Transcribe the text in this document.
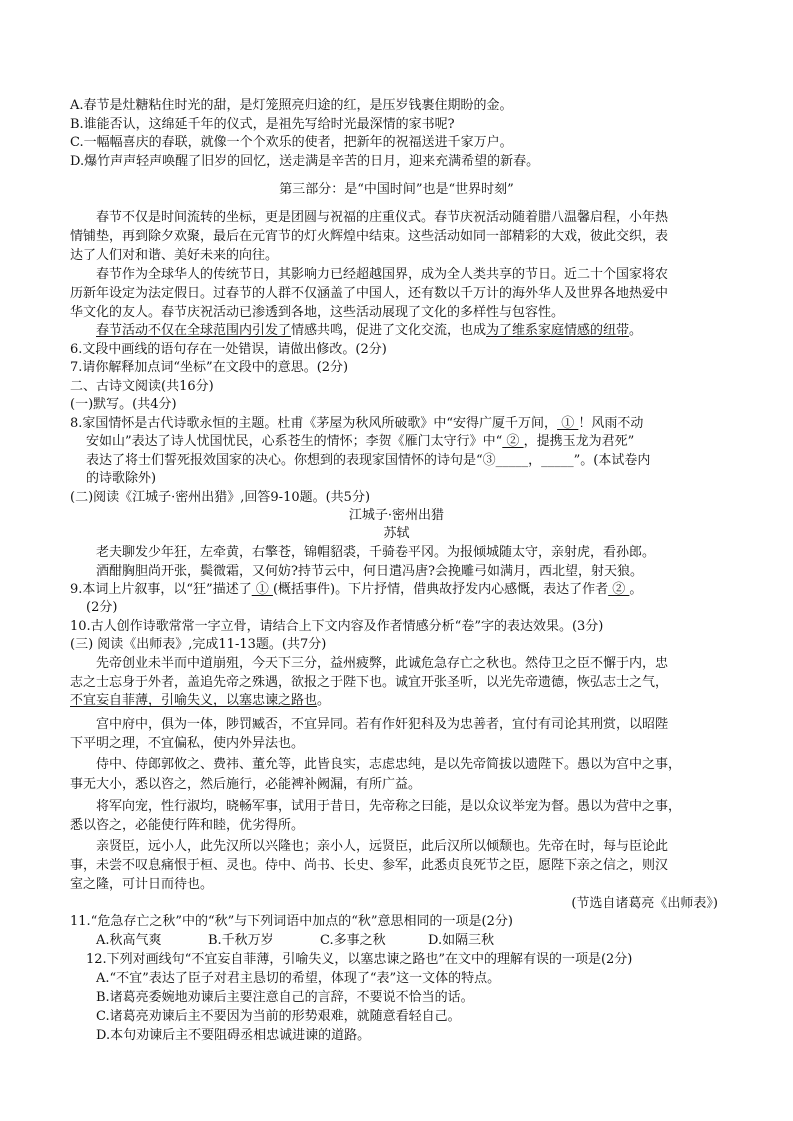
A.春节是灶糖粘住时光的甜，是灯笼照亮归途的红，是压岁钱裹住期盼的金。
B.谁能否认，这绵延千年的仪式，是祖先写给时光最深情的家书呢?
C.一幅幅喜庆的春联，就像一个个欢乐的使者，把新年的祝福送进千家万户。
D.爆竹声声轻声唤醒了旧岁的回忆，送走满是辛苦的日月，迎来充满希望的新春。
第三部分：是“中国时间”也是“世界时刻”
春节不仅是时间流转的坐标，更是团圆与祝福的庄重仪式。春节庆祝活动随着腊八温馨启程，小年热
情铺垫，再到除夕欢聚，最后在元宵节的灯火辉煌中结束。这些活动如同一部精彩的大戏，彼此交织，表
达了人们对和谐、美好未来的向往。
春节作为全球华人的传统节日，其影响力已经超越国界，成为全人类共享的节日。近二十个国家将农
历新年设定为法定假日。过春节的人群不仅涵盖了中国人，还有数以千万计的海外华人及世界各地热爱中
华文化的友人。春节庆祝活动已渗透到各地，这些活动展现了文化的多样性与包容性。
春节活动不仅在全球范围内引发了情感共鸣，促进了文化交流，也成为了维系家庭情感的纽带。
6.文段中画线的语句存在一处错误，请做出修改。(2分)
7.请你解释加点词“坐标”在文段中的意思。(2分)
二、古诗文阅读(共16分)
(一)默写。(共4分)
8.家国情怀是古代诗歌永恒的主题。杜甫《茅屋为秋风所破歌》中“安得广厦千万间， ① ！风雨不动
安如山”表达了诗人忧国忧民，心系苍生的情怀；李贺《雁门太守行》中“ ② ，提携玉龙为君死”
表达了将士们誓死报效国家的决心。你想到的表现家国情怀的诗句是“③_____，_____”。(本试卷内
的诗歌除外)
(二)阅读《江城子·密州出猎》,回答9-10题。(共5分)
江城子·密州出猎
苏轼
老夫聊发少年狂，左牵黄，右擎苍，锦帽貂裘，千骑卷平冈。为报倾城随太守，亲射虎，看孙郎。
酒酣胸胆尚开张，鬓微霜，又何妨?持节云中，何日遣冯唐?会挽雕弓如满月，西北望，射天狼。
9.本词上片叙事，以“狂”描述了 ① (概括事件)。下片抒情，借典故抒发内心感慨，表达了作者 ② 。
(2分)
10.古人创作诗歌常常一字立骨，请结合上下文内容及作者情感分析“卷”字的表达效果。(3分)
(三) 阅读《出师表》,完成11-13题。(共7分)
先帝创业未半而中道崩殂，今天下三分，益州疲弊，此诚危急存亡之秋也。然侍卫之臣不懈于内，忠
志之士忘身于外者，盖追先帝之殊遇，欲报之于陛下也。诚宜开张圣听，以光先帝遗德，恢弘志士之气，
不宜妄自菲薄，引喻失义，以塞忠谏之路也。
宫中府中，俱为一体，陟罚臧否，不宜异同。若有作奸犯科及为忠善者，宜付有司论其刑赏，以昭陛
下平明之理，不宜偏私，使内外异法也。
侍中、侍郎郭攸之、费祎、董允等，此皆良实，志虑忠纯，是以先帝简拔以遗陛下。愚以为宫中之事，
事无大小，悉以咨之，然后施行，必能裨补阙漏，有所广益。
将军向宠，性行淑均，晓畅军事，试用于昔日，先帝称之曰能，是以众议举宠为督。愚以为营中之事，
悉以咨之，必能使行阵和睦，优劣得所。
亲贤臣，远小人，此先汉所以兴隆也；亲小人，远贤臣，此后汉所以倾颓也。先帝在时，每与臣论此
事，未尝不叹息痛恨于桓、灵也。侍中、尚书、长史、参军，此悉贞良死节之臣，愿陛下亲之信之，则汉
室之隆，可计日而待也。
(节选自诸葛亮《出师表》)
11.“危急存亡之秋”中的“秋”与下列词语中加点的“秋”意思相同的一项是(2分)
A.秋高气爽	B.千秋万岁	C.多事之秋	D.如隔三秋
12.下列对画线句“不宜妄自菲薄，引喻失义，以塞忠谏之路也”在文中的理解有误的一项是(2分)
A.“不宜”表达了臣子对君主恳切的希望，体现了“表”这一文体的特点。
B.诸葛亮委婉地劝谏后主要注意自己的言辞，不要说不恰当的话。
C.诸葛亮劝谏后主不要因为当前的形势艰难，就随意看轻自己。
D.本句劝谏后主不要阻碍丞相忠诚进谏的道路。
